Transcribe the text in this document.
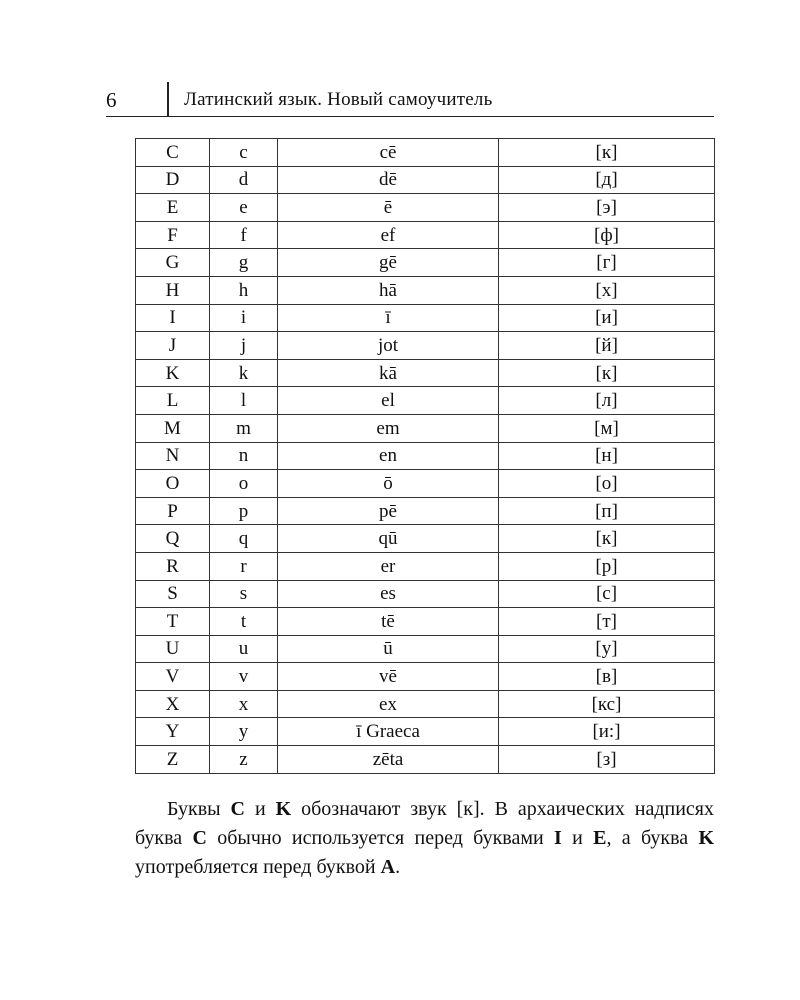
6	Латинский язык. Новый самоучитель
C	c	cē	[к]
D	d	dē	[д]
E	e	ē	[э]
F	f	ef	[ф]
G	g	gē	[г]
H	h	hā	[х]
I	i	ī	[и]
J	j	jot	[й]
K	k	kā	[к]
L	l	el	[л]
M	m	em	[м]
N	n	en	[н]
O	o	ō	[о]
P	p	pē	[п]
Q	q	qū	[к]
R	r	er	[р]
S	s	es	[с]
T	t	tē	[т]
U	u	ū	[у]
V	v	vē	[в]
X	x	ex	[кс]
Y	y	ī Graeca	[и:]
Z	z	zēta	[з]

Буквы C и K обозначают звук [к]. В архаических надписях буква C обычно используется перед буквами I и E, а буква K употребляется перед буквой A.
